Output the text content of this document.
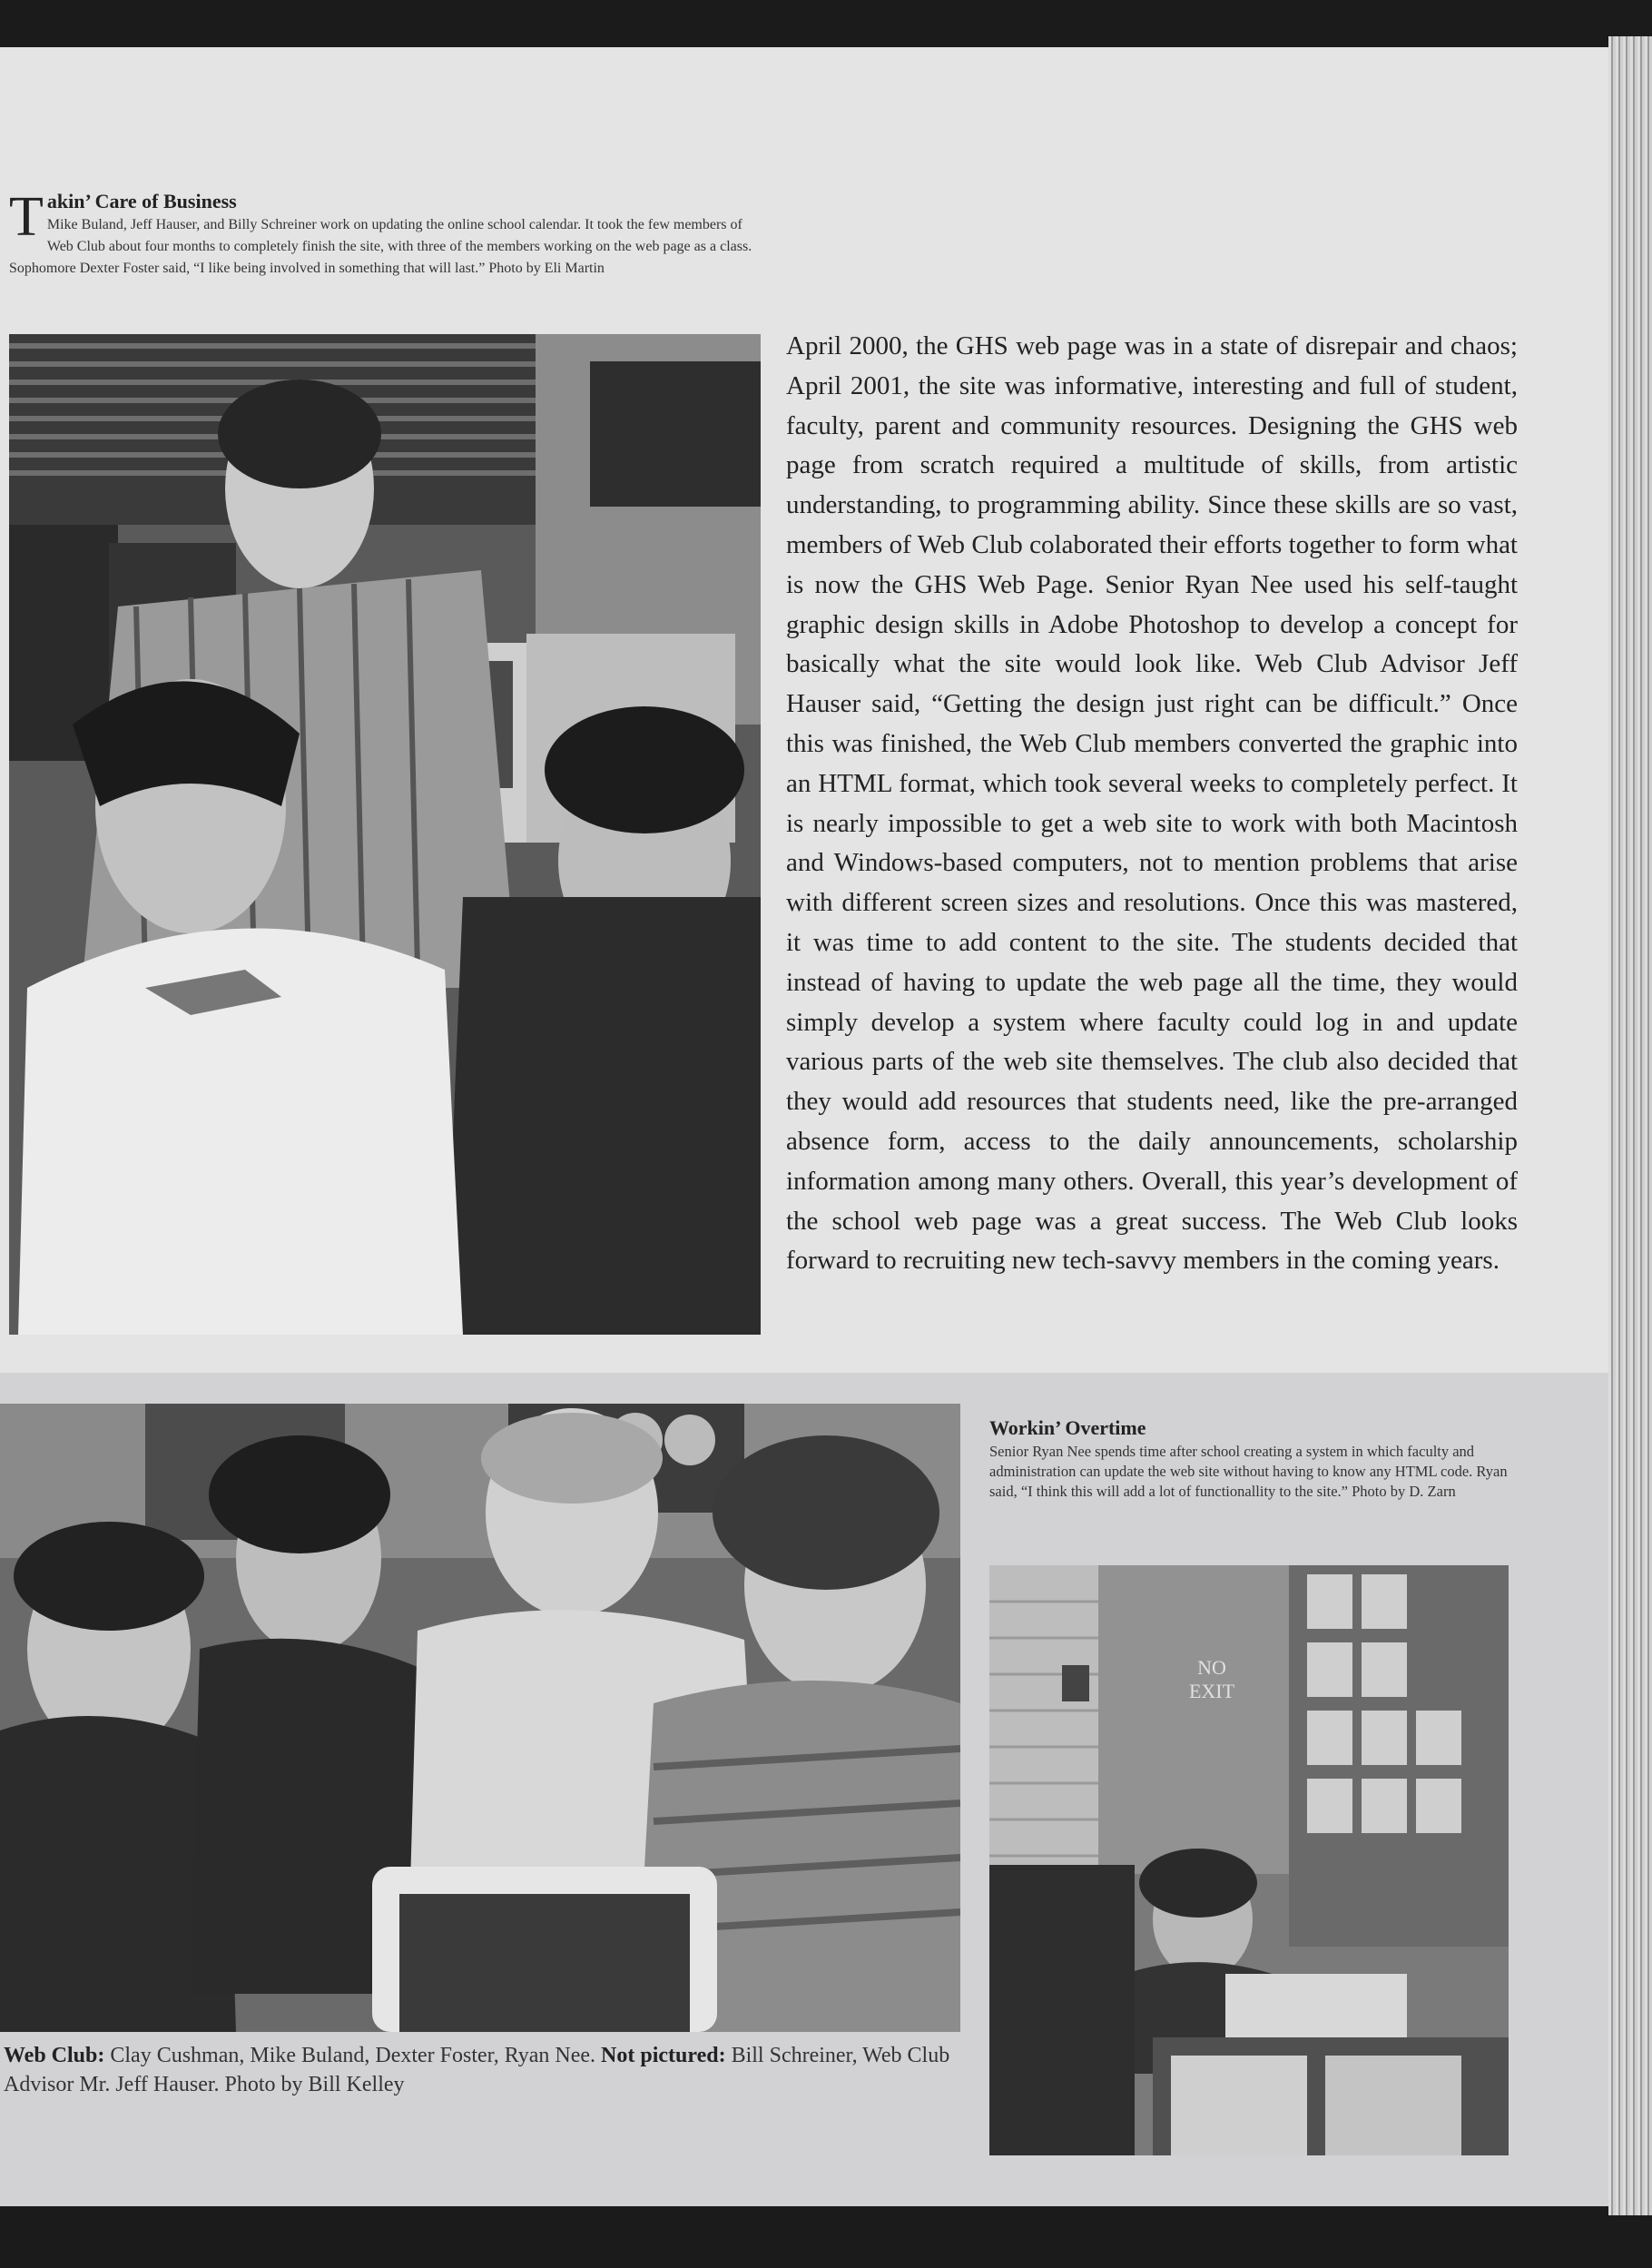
T akin’ Care of Business
Mike Buland, Jeff Hauser, and Billy Schreiner work on updating the online school calendar. It took the few members of Web Club about four months to completely finish the site, with three of the members working on the web page as a class. Sophomore Dexter Foster said, “I like being involved in something that will last.” Photo by Eli Martin
April 2000, the GHS web page was in a state of disrepair and chaos; April 2001, the site was informative, interesting and full of student, faculty, parent and community resources. Designing the GHS web page from scratch required a multitude of skills, from artistic understanding, to programming ability. Since these skills are so vast, members of Web Club colaborated their efforts together to form what is now the GHS Web Page. Senior Ryan Nee used his self-taught graphic design skills in Adobe Photoshop to develop a concept for basically what the site would look like. Web Club Advisor Jeff Hauser said, “Getting the design just right can be difficult.” Once this was finished, the Web Club members converted the graphic into an HTML format, which took several weeks to completely perfect. It is nearly impossible to get a web site to work with both Macintosh and Windows-based computers, not to mention problems that arise with different screen sizes and resolutions. Once this was mastered, it was time to add content to the site. The students decided that instead of having to update the web page all the time, they would simply develop a system where faculty could log in and update various parts of the web site themselves. The club also decided that they would add resources that students need, like the pre-arranged absence form, access to the daily announcements, scholarship information among many others. Overall, this year’s development of the school web page was a great success. The Web Club looks forward to recruiting new tech-savvy members in the coming years.
Workin’ Overtime
Senior Ryan Nee spends time after school creating a system in which faculty and administration can update the web site without having to know any HTML code. Ryan said, “I think this will add a lot of functionallity to the site.” Photo by D. Zarn
NO
EXIT
Web Club: Clay Cushman, Mike Buland, Dexter Foster, Ryan Nee. Not pictured: Bill Schreiner, Web Club Advisor Mr. Jeff Hauser. Photo by Bill Kelley
